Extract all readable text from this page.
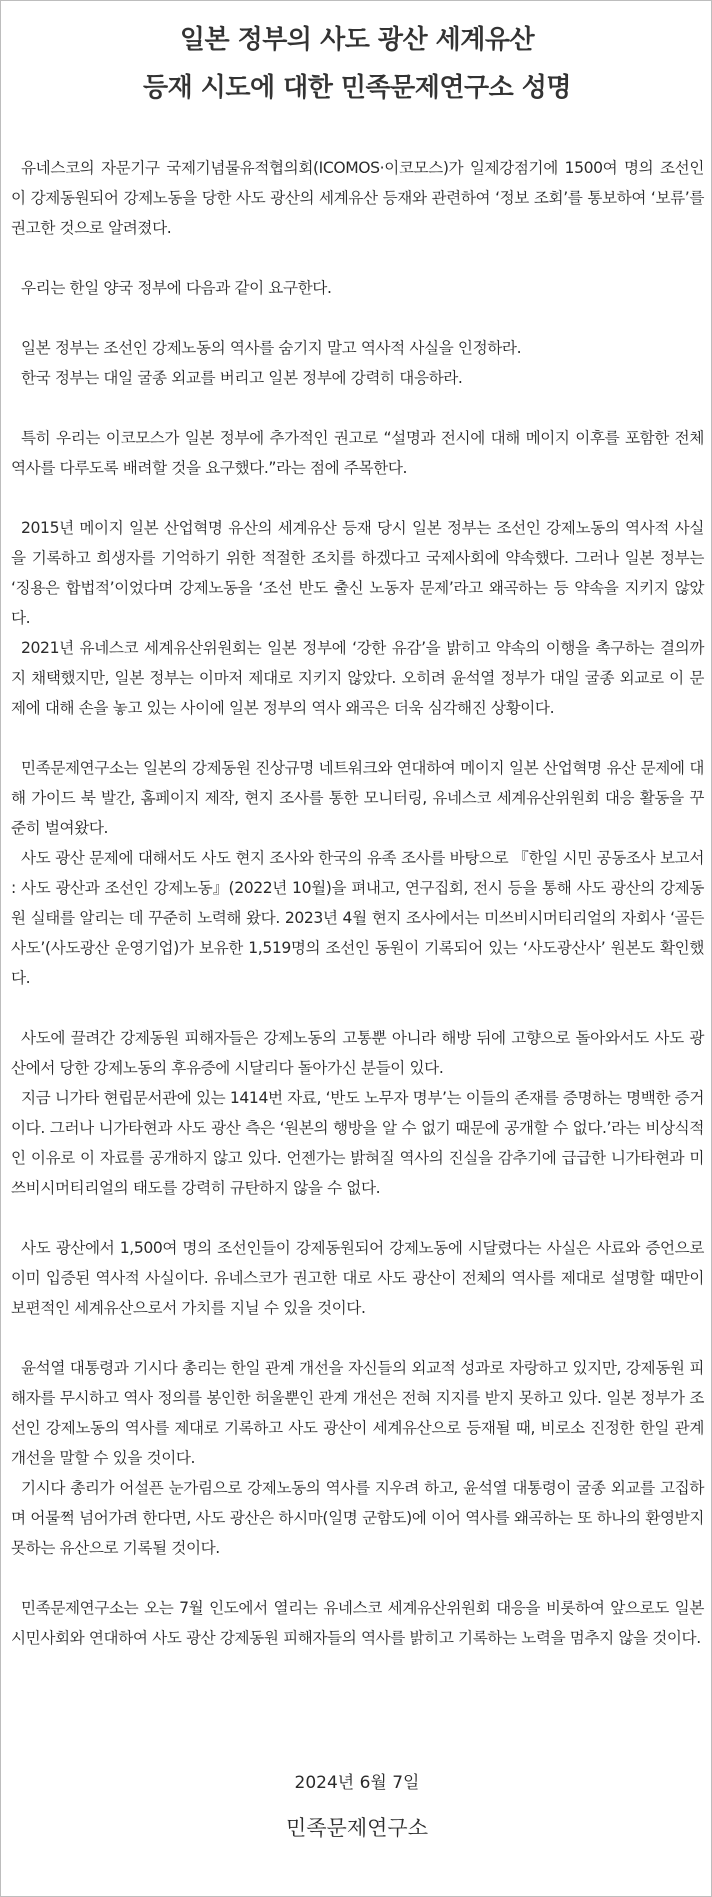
일본 정부의 사도 광산 세계유산
등재 시도에 대한 민족문제연구소 성명

유네스코의 자문기구 국제기념물유적협의회(ICOMOS·이코모스)가 일제강점기에 1500여 명의 조선인이 강제동원되어 강제노동을 당한 사도 광산의 세계유산 등재와 관련하여 ‘정보 조회’를 통보하여 ‘보류’를 권고한 것으로 알려졌다.

우리는 한일 양국 정부에 다음과 같이 요구한다.

일본 정부는 조선인 강제노동의 역사를 숨기지 말고 역사적 사실을 인정하라.

한국 정부는 대일 굴종 외교를 버리고 일본 정부에 강력히 대응하라.

특히 우리는 이코모스가 일본 정부에 추가적인 권고로 “설명과 전시에 대해 메이지 이후를 포함한 전체 역사를 다루도록 배려할 것을 요구했다.”라는 점에 주목한다.

2015년 메이지 일본 산업혁명 유산의 세계유산 등재 당시 일본 정부는 조선인 강제노동의 역사적 사실을 기록하고 희생자를 기억하기 위한 적절한 조치를 하겠다고 국제사회에 약속했다. 그러나 일본 정부는 ‘징용은 합법적’이었다며 강제노동을 ‘조선 반도 출신 노동자 문제’라고 왜곡하는 등 약속을 지키지 않았다.

2021년 유네스코 세계유산위원회는 일본 정부에 ‘강한 유감’을 밝히고 약속의 이행을 촉구하는 결의까지 채택했지만, 일본 정부는 이마저 제대로 지키지 않았다. 오히려 윤석열 정부가 대일 굴종 외교로 이 문제에 대해 손을 놓고 있는 사이에 일본 정부의 역사 왜곡은 더욱 심각해진 상황이다.

민족문제연구소는 일본의 강제동원 진상규명 네트워크와 연대하여 메이지 일본 산업혁명 유산 문제에 대해 가이드 북 발간, 홈페이지 제작, 현지 조사를 통한 모니터링, 유네스코 세계유산위원회 대응 활동을 꾸준히 벌여왔다.

사도 광산 문제에 대해서도 사도 현지 조사와 한국의 유족 조사를 바탕으로 『한일 시민 공동조사 보고서 : 사도 광산과 조선인 강제노동』(2022년 10월)을 펴내고, 연구집회, 전시 등을 통해 사도 광산의 강제동원 실태를 알리는 데 꾸준히 노력해 왔다. 2023년 4월 현지 조사에서는 미쓰비시머티리얼의 자회사 ‘골든 사도’(사도광산 운영기업)가 보유한 1,519명의 조선인 동원이 기록되어 있는 ‘사도광산사’ 원본도 확인했다.

사도에 끌려간 강제동원 피해자들은 강제노동의 고통뿐 아니라 해방 뒤에 고향으로 돌아와서도 사도 광산에서 당한 강제노동의 후유증에 시달리다 돌아가신 분들이 있다.

지금 니가타 현립문서관에 있는 1414번 자료, ‘반도 노무자 명부’는 이들의 존재를 증명하는 명백한 증거이다. 그러나 니가타현과 사도 광산 측은 ‘원본의 행방을 알 수 없기 때문에 공개할 수 없다.’라는 비상식적인 이유로 이 자료를 공개하지 않고 있다. 언젠가는 밝혀질 역사의 진실을 감추기에 급급한 니가타현과 미쓰비시머티리얼의 태도를 강력히 규탄하지 않을 수 없다.

사도 광산에서 1,500여 명의 조선인들이 강제동원되어 강제노동에 시달렸다는 사실은 사료와 증언으로 이미 입증된 역사적 사실이다. 유네스코가 권고한 대로 사도 광산이 전체의 역사를 제대로 설명할 때만이 보편적인 세계유산으로서 가치를 지닐 수 있을 것이다.

윤석열 대통령과 기시다 총리는 한일 관계 개선을 자신들의 외교적 성과로 자랑하고 있지만, 강제동원 피해자를 무시하고 역사 정의를 봉인한 허울뿐인 관계 개선은 전혀 지지를 받지 못하고 있다. 일본 정부가 조선인 강제노동의 역사를 제대로 기록하고 사도 광산이 세계유산으로 등재될 때, 비로소 진정한 한일 관계 개선을 말할 수 있을 것이다.

기시다 총리가 어설픈 눈가림으로 강제노동의 역사를 지우려 하고, 윤석열 대통령이 굴종 외교를 고집하며 어물쩍 넘어가려 한다면, 사도 광산은 하시마(일명 군함도)에 이어 역사를 왜곡하는 또 하나의 환영받지 못하는 유산으로 기록될 것이다.

민족문제연구소는 오는 7월 인도에서 열리는 유네스코 세계유산위원회 대응을 비롯하여 앞으로도 일본 시민사회와 연대하여 사도 광산 강제동원 피해자들의 역사를 밝히고 기록하는 노력을 멈추지 않을 것이다.

2024년 6월 7일
민족문제연구소
